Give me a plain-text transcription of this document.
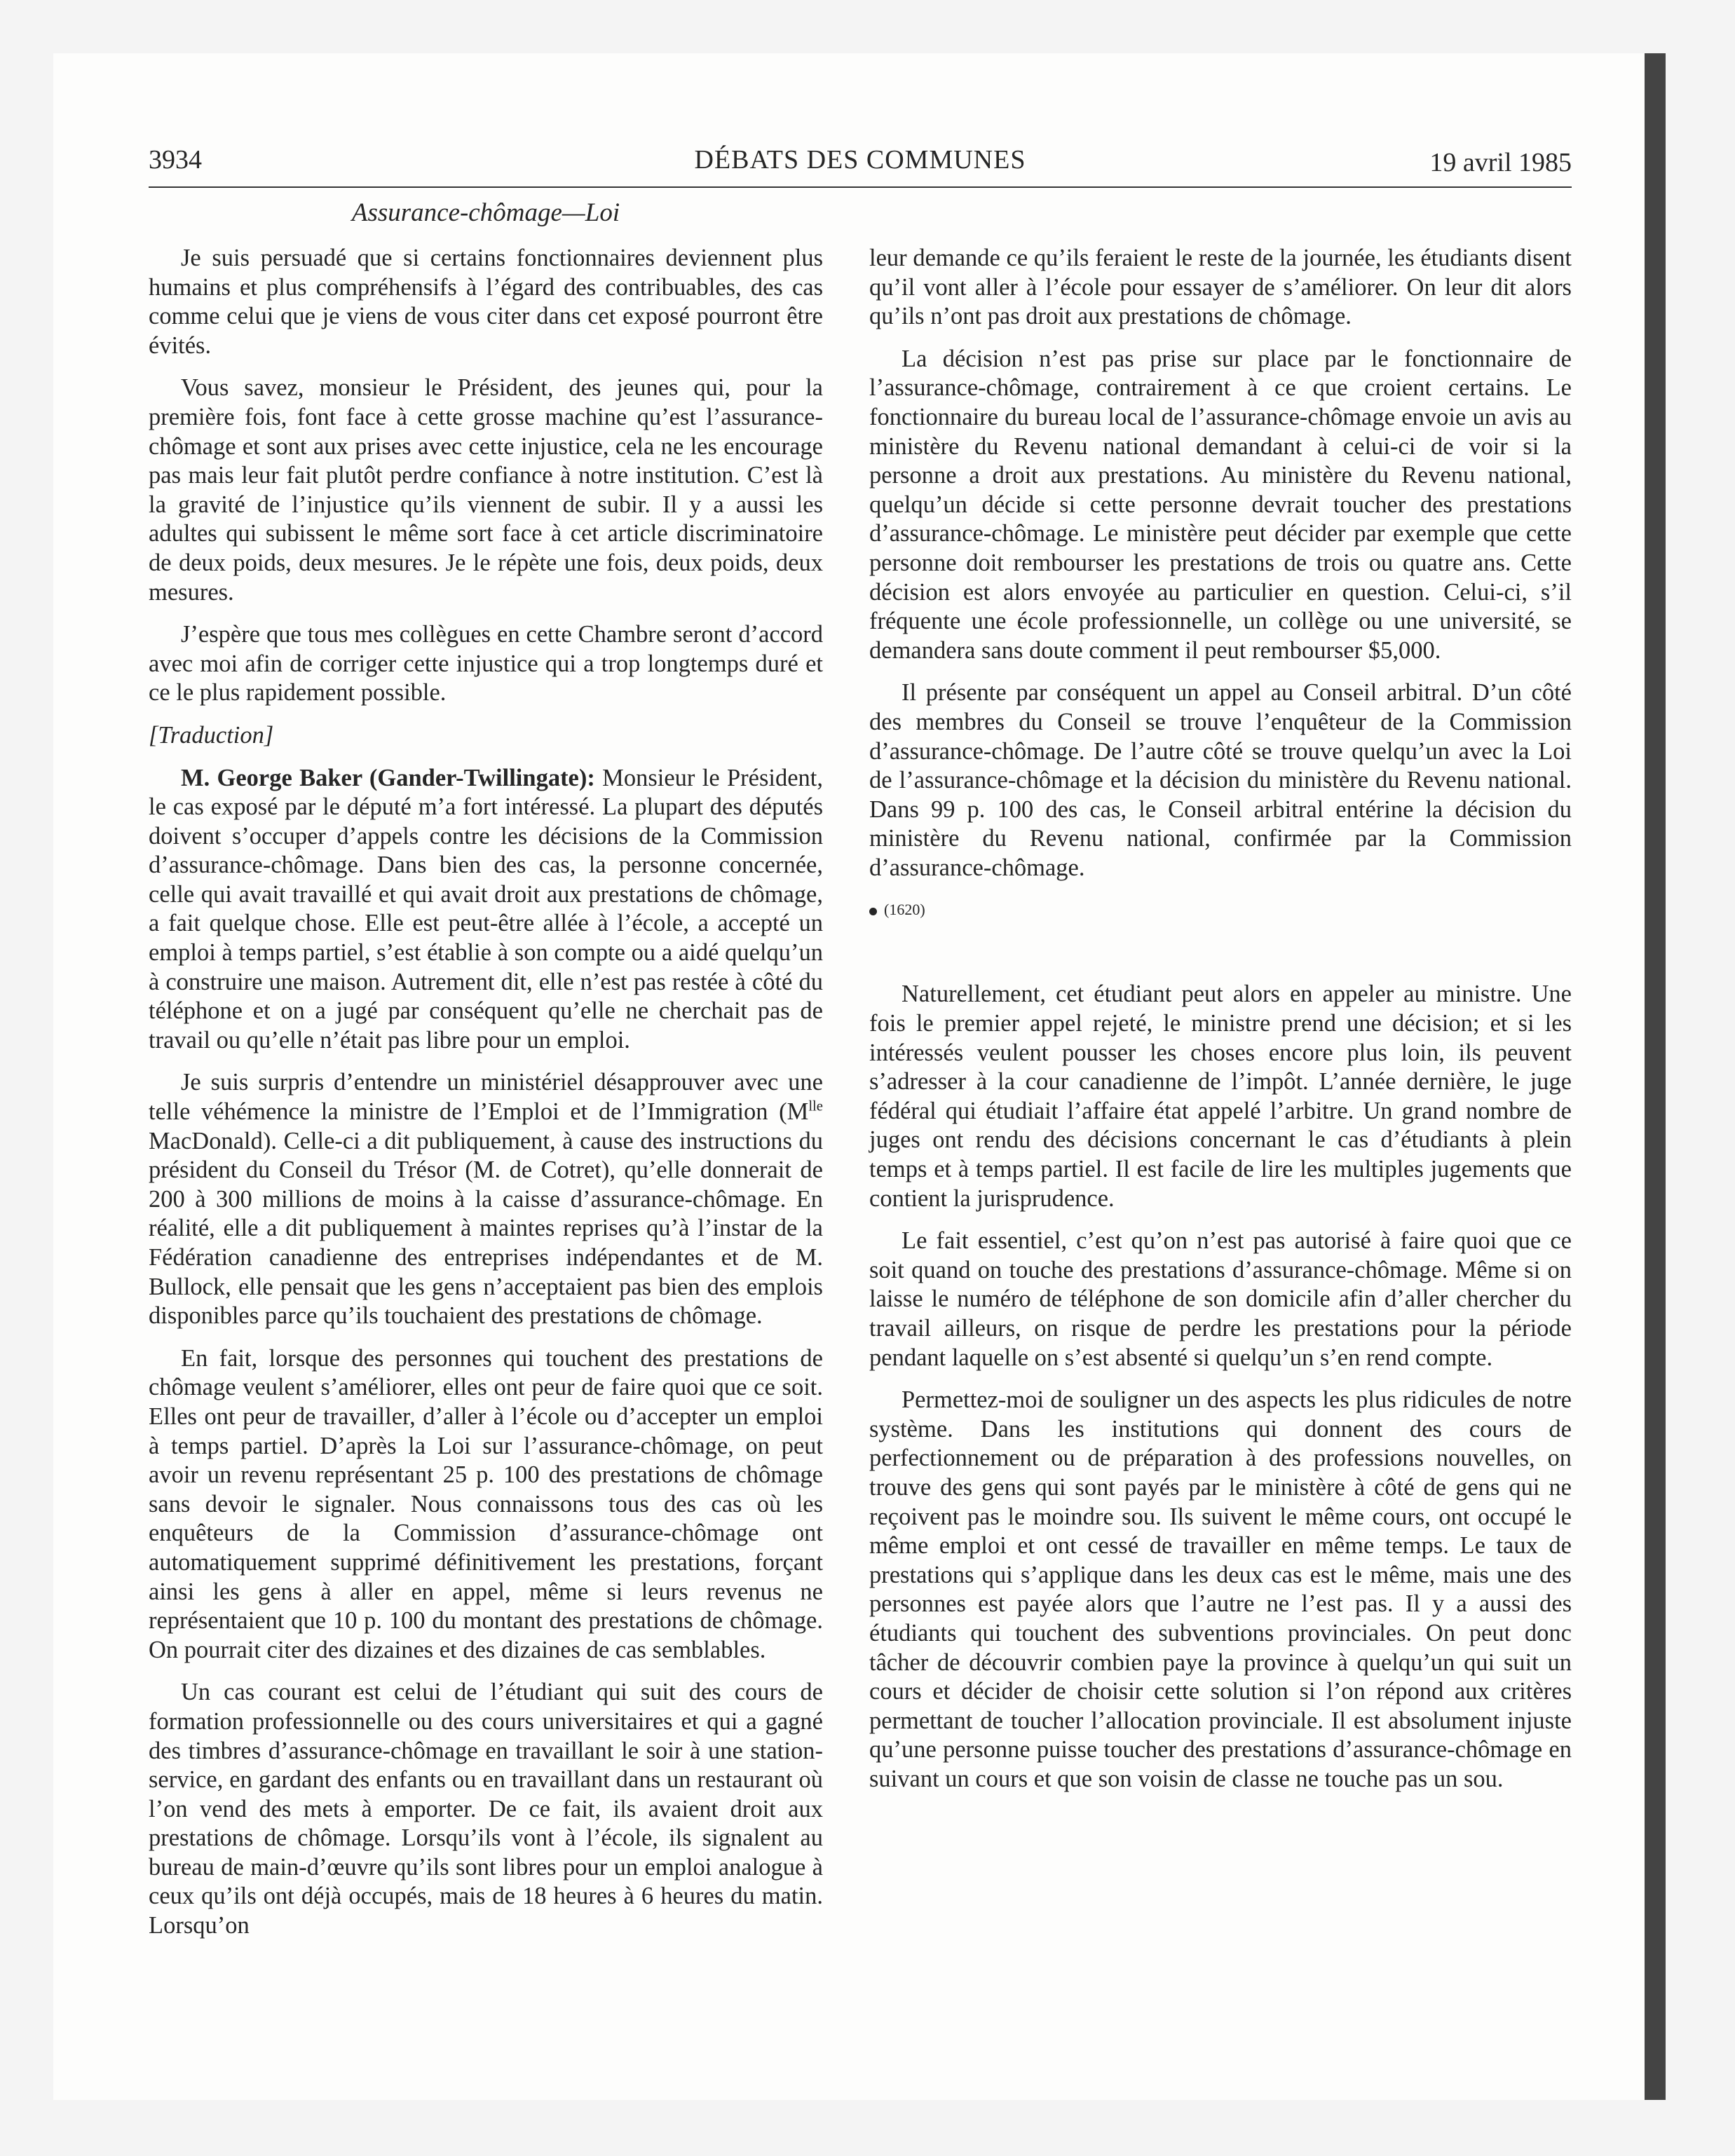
DÉBATS DES COMMUNES
3934	19 avril 1985
Assurance-chômage—Loi

Je suis persuadé que si certains fonctionnaires deviennent plus humains et plus compréhensifs à l’égard des contribuables, des cas comme celui que je viens de vous citer dans cet exposé pourront être évités.

Vous savez, monsieur le Président, des jeunes qui, pour la première fois, font face à cette grosse machine qu’est l’assurance-chômage et sont aux prises avec cette injustice, cela ne les encourage pas mais leur fait plutôt perdre confiance à notre institution. C’est là la gravité de l’injustice qu’ils viennent de subir. Il y a aussi les adultes qui subissent le même sort face à cet article discriminatoire de deux poids, deux mesures. Je le répète une fois, deux poids, deux mesures.

J’espère que tous mes collègues en cette Chambre seront d’accord avec moi afin de corriger cette injustice qui a trop longtemps duré et ce le plus rapidement possible.

[Traduction]

M. George Baker (Gander-Twillingate): Monsieur le Président, le cas exposé par le député m’a fort intéressé. La plupart des députés doivent s’occuper d’appels contre les décisions de la Commission d’assurance-chômage. Dans bien des cas, la personne concernée, celle qui avait travaillé et qui avait droit aux prestations de chômage, a fait quelque chose. Elle est peut-être allée à l’école, a accepté un emploi à temps partiel, s’est établie à son compte ou a aidé quelqu’un à construire une maison. Autrement dit, elle n’est pas restée à côté du téléphone et on a jugé par conséquent qu’elle ne cherchait pas de travail ou qu’elle n’était pas libre pour un emploi.

Je suis surpris d’entendre un ministériel désapprouver avec une telle véhémence la ministre de l’Emploi et de l’Immigration ($M^{lle}$ MacDonald). Celle-ci a dit publiquement, à cause des instructions du président du Conseil du Trésor (M. de Cotret), qu’elle donnerait de 200 à 300 millions de moins à la caisse d’assurance-chômage. En réalité, elle a dit publiquement à maintes reprises qu’à l’instar de la Fédération canadienne des entreprises indépendantes et de M. Bullock, elle pensait que les gens n’acceptaient pas bien des emplois disponibles parce qu’ils touchaient des prestations de chômage.

En fait, lorsque des personnes qui touchent des prestations de chômage veulent s’améliorer, elles ont peur de faire quoi que ce soit. Elles ont peur de travailler, d’aller à l’école ou d’accepter un emploi à temps partiel. D’après la Loi sur l’assurance-chômage, on peut avoir un revenu représentant 25 p. 100 des prestations de chômage sans devoir le signaler. Nous connaissons tous des cas où les enquêteurs de la Commission d’assurance-chômage ont automatiquement supprimé définitivement les prestations, forçant ainsi les gens à aller en appel, même si leurs revenus ne représentaient que 10 p. 100 du montant des prestations de chômage. On pourrait citer des dizaines et des dizaines de cas semblables.

Un cas courant est celui de l’étudiant qui suit des cours de formation professionnelle ou des cours universitaires et qui a gagné des timbres d’assurance-chômage en travaillant le soir à une station-service, en gardant des enfants ou en travaillant dans un restaurant où l’on vend des mets à emporter. De ce fait, ils avaient droit aux prestations de chômage. Lorsqu’ils vont à l’école, ils signalent au bureau de main-d’œuvre qu’ils sont libres pour un emploi analogue à ceux qu’ils ont déjà occupés, mais de 18 heures à 6 heures du matin. Lorsqu’on

leur demande ce qu’ils feraient le reste de la journée, les étudiants disent qu’il vont aller à l’école pour essayer de s’améliorer. On leur dit alors qu’ils n’ont pas droit aux prestations de chômage.

La décision n’est pas prise sur place par le fonctionnaire de l’assurance-chômage, contrairement à ce que croient certains. Le fonctionnaire du bureau local de l’assurance-chômage envoie un avis au ministère du Revenu national demandant à celui-ci de voir si la personne a droit aux prestations. Au ministère du Revenu national, quelqu’un décide si cette personne devrait toucher des prestations d’assurance-chômage. Le ministère peut décider par exemple que cette personne doit rembourser les prestations de trois ou quatre ans. Cette décision est alors envoyée au particulier en question. Celui-ci, s’il fréquente une école professionnelle, un collège ou une université, se demandera sans doute comment il peut rembourser $5,000.

Il présente par conséquent un appel au Conseil arbitral. D’un côté des membres du Conseil se trouve l’enquêteur de la Commission d’assurance-chômage. De l’autre côté se trouve quelqu’un avec la Loi de l’assurance-chômage et la décision du ministère du Revenu national. Dans 99 p. 100 des cas, le Conseil arbitral entérine la décision du ministère du Revenu national, confirmée par la Commission d’assurance-chômage.

(1620)

Naturellement, cet étudiant peut alors en appeler au ministre. Une fois le premier appel rejeté, le ministre prend une décision; et si les intéressés veulent pousser les choses encore plus loin, ils peuvent s’adresser à la cour canadienne de l’impôt. L’année dernière, le juge fédéral qui étudiait l’affaire état appelé l’arbitre. Un grand nombre de juges ont rendu des décisions concernant le cas d’étudiants à plein temps et à temps partiel. Il est facile de lire les multiples jugements que contient la jurisprudence.

Le fait essentiel, c’est qu’on n’est pas autorisé à faire quoi que ce soit quand on touche des prestations d’assurance-chômage. Même si on laisse le numéro de téléphone de son domicile afin d’aller chercher du travail ailleurs, on risque de perdre les prestations pour la période pendant laquelle on s’est absenté si quelqu’un s’en rend compte.

Permettez-moi de souligner un des aspects les plus ridicules de notre système. Dans les institutions qui donnent des cours de perfectionnement ou de préparation à des professions nouvelles, on trouve des gens qui sont payés par le ministère à côté de gens qui ne reçoivent pas le moindre sou. Ils suivent le même cours, ont occupé le même emploi et ont cessé de travailler en même temps. Le taux de prestations qui s’applique dans les deux cas est le même, mais une des personnes est payée alors que l’autre ne l’est pas. Il y a aussi des étudiants qui touchent des subventions provinciales. On peut donc tâcher de découvrir combien paye la province à quelqu’un qui suit un cours et décider de choisir cette solution si l’on répond aux critères permettant de toucher l’allocation provinciale. Il est absolument injuste qu’une personne puisse toucher des prestations d’assurance-chômage en suivant un cours et que son voisin de classe ne touche pas un sou.
